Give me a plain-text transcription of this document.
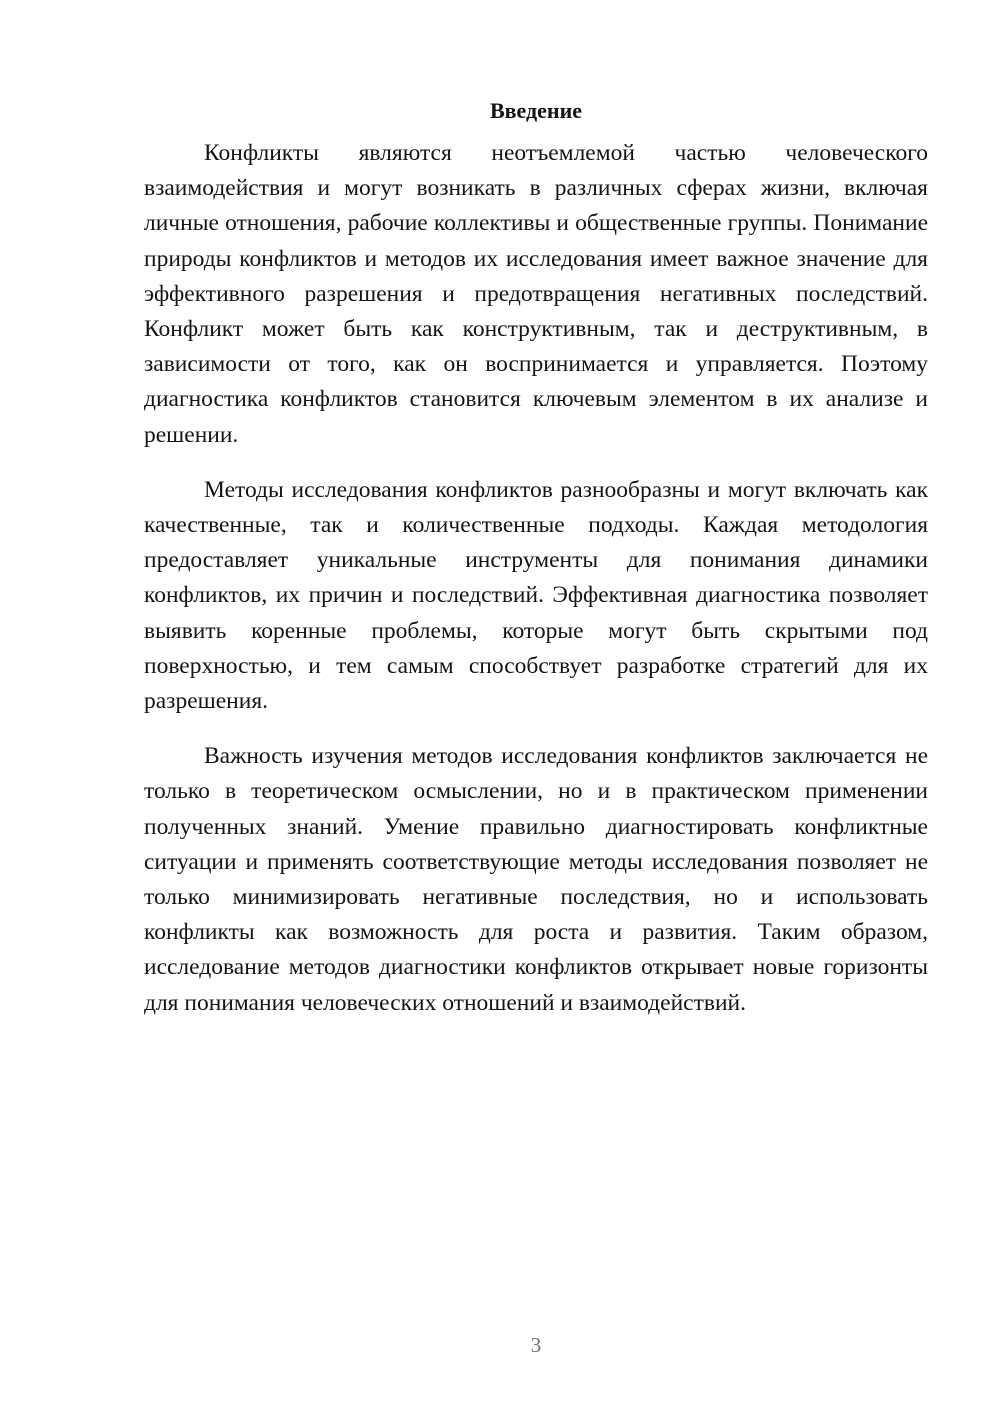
Введение

Конфликты являются неотъемлемой частью человеческого взаимодействия и могут возникать в различных сферах жизни, включая личные отношения, рабочие коллективы и общественные группы. Понимание природы конфликтов и методов их исследования имеет важное значение для эффективного разрешения и предотвращения негативных последствий. Конфликт может быть как конструктивным, так и деструктивным, в зависимости от того, как он воспринимается и управляется. Поэтому диагностика конфликтов становится ключевым элементом в их анализе и решении.

Методы исследования конфликтов разнообразны и могут включать как качественные, так и количественные подходы. Каждая методология предоставляет уникальные инструменты для понимания динамики конфликтов, их причин и последствий. Эффективная диагностика позволяет выявить коренные проблемы, которые могут быть скрытыми под поверхностью, и тем самым способствует разработке стратегий для их разрешения.

Важность изучения методов исследования конфликтов заключается не только в теоретическом осмыслении, но и в практическом применении полученных знаний. Умение правильно диагностировать конфликтные ситуации и применять соответствующие методы исследования позволяет не только минимизировать негативные последствия, но и использовать конфликты как возможность для роста и развития. Таким образом, исследование методов диагностики конфликтов открывает новые горизонты для понимания человеческих отношений и взаимодействий.

3
